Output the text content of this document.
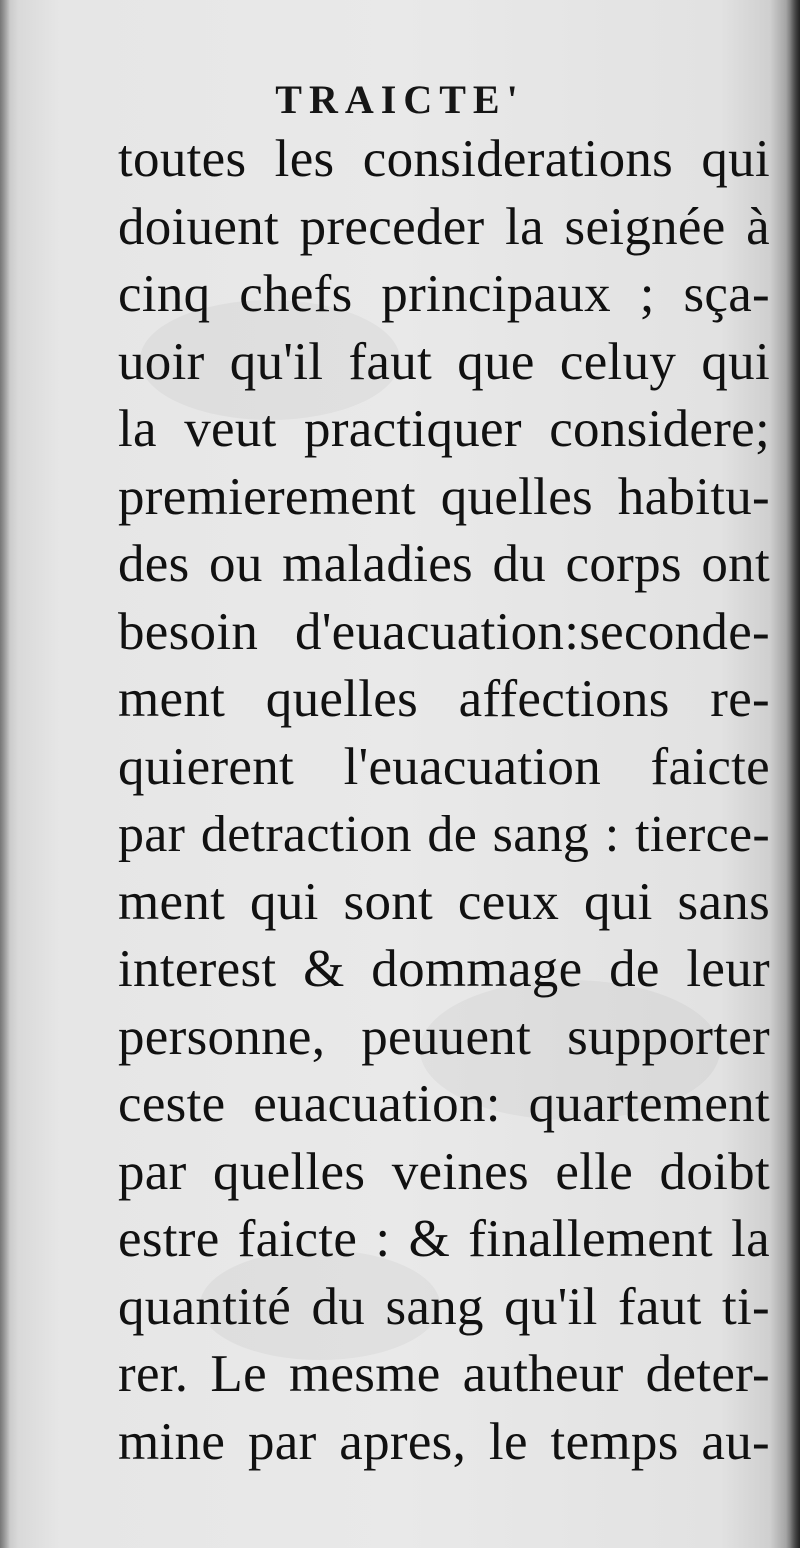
TRAICTE'
toutes les considerations qui
doiuent preceder la seignée à
cinq chefs principaux ; sça-
uoir qu'il faut que celuy qui
la veut practiquer considere;
premierement quelles habitu-
des ou maladies du corps ont
besoin d'euacuation:seconde-
ment quelles affections re-
quierent l'euacuation faicte
par detraction de sang : tierce-
ment qui sont ceux qui sans
interest & dommage de leur
personne, peuuent supporter
ceste euacuation: quartement
par quelles veines elle doibt
estre faicte : & finallement la
quantité du sang qu'il faut ti-
rer. Le mesme autheur deter-
mine par apres, le temps au-
